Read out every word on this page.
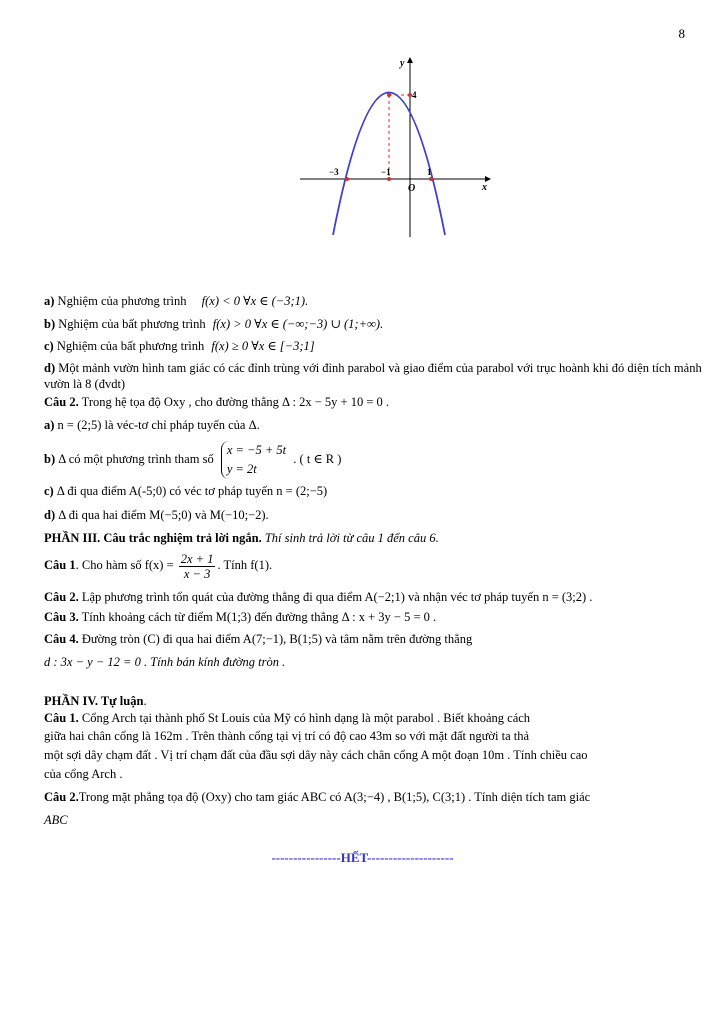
8
y
x
O
4
−3	−1	1
a) Nghiệm của phương trình f(x) < 0 ∀x ∈ (−3;1).
b) Nghiệm của bất phương trình f(x) > 0 ∀x ∈ (−∞;−3) ∪ (1;+∞).
c) Nghiệm của bất phương trình f(x) ≥ 0 ∀x ∈ [−3;1]
d) Một mảnh vườn hình tam giác có các đỉnh trùng với đỉnh parabol và giao điểm của parabol với trục hoành khi đó diện tích mảnh vườn là 8 (đvdt)
Câu 2. Trong hệ tọa độ Oxy , cho đường thẳng Δ : 2x − 5y + 10 = 0 .
a) n = (2;5) là véc-tơ chỉ pháp tuyến của Δ.
b) Δ có một phương trình tham số
x = −5 + 5t
y = 2t
. ( t ∈ R )
c) Δ đi qua điểm A(-5;0) có véc tơ pháp tuyến n = (2;−5)
d) Δ đi qua hai điểm M(−5;0) và M(−10;−2).
PHẦN III. Câu trắc nghiệm trả lời ngắn. Thí sinh trả lời từ câu 1 đến câu 6.
Câu 1. Cho hàm số $f(x) = \frac{2x + 1}{x - 3}$ . Tính f(1).
Câu 2. Lập phương trình tổn quát của đường thẳng đi qua điểm A(−2;1) và nhận véc tơ pháp tuyến n = (3;2) .
Câu 3. Tính khoảng cách từ điểm M(1;3) đến đường thẳng Δ : x + 3y − 5 = 0 .
Câu 4. Đường tròn (C) đi qua hai điểm A(7;−1), B(1;5) và tâm nằm trên đường thẳng
d : 3x − y − 12 = 0 . Tính bán kính đường tròn .
PHẦN IV. Tự luận.
Câu 1. Cổng Arch tại thành phố St Louis của Mỹ có hình dạng là một parabol . Biết khoảng cách
giữa hai chân cổng là 162m . Trên thành cổng tại vị trí có độ cao 43m so với mặt đất người ta thả
một sợi dây chạm đất . Vị trí chạm đất của đầu sợi dây này cách chân cổng A một đoạn 10m . Tính chiều cao
của cổng Arch .
Câu 2.Trong mặt phẳng tọa độ (Oxy) cho tam giác ABC có A(3;−4) , B(1;5), C(3;1) . Tính diện tích tam giác
ABC
----------------HẾT--------------------
